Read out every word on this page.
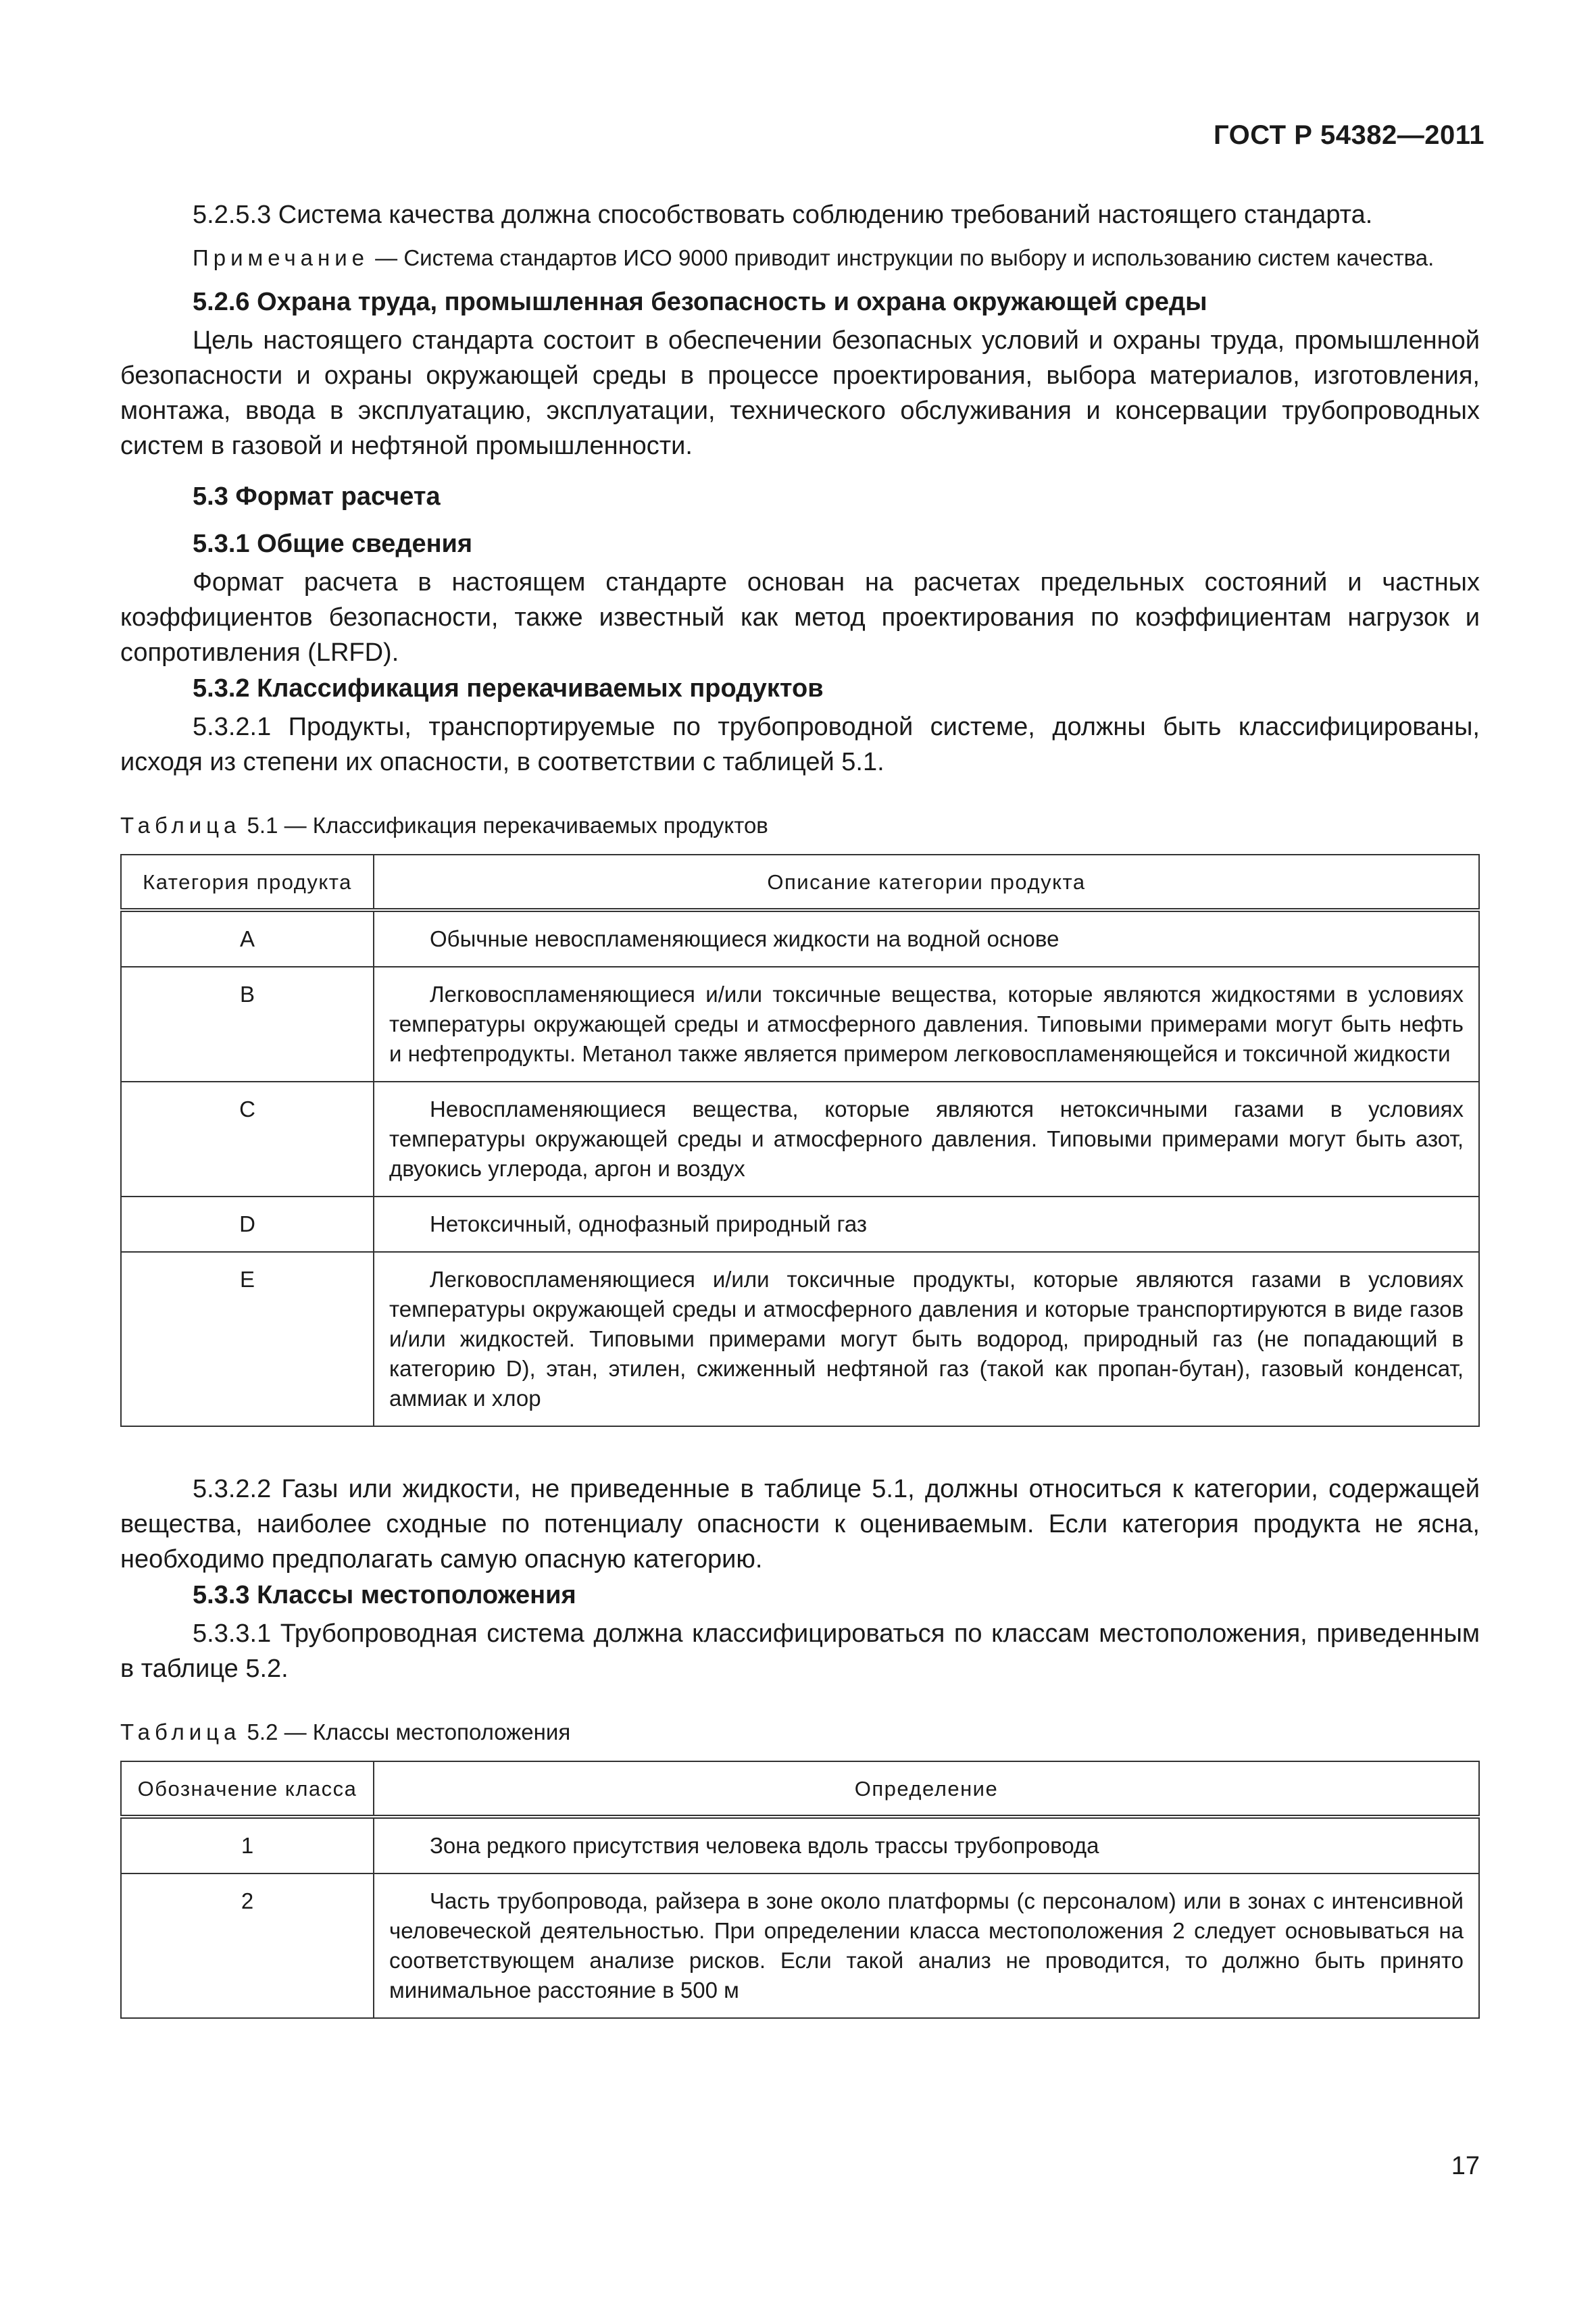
ГОСТ Р 54382—2011

5.2.5.3 Система качества должна способствовать соблюдению требований настоящего стандарта.

Примечание — Система стандартов ИСО 9000 приводит инструкции по выбору и использованию систем качества.

5.2.6 Охрана труда, промышленная безопасность и охрана окружающей среды

Цель настоящего стандарта состоит в обеспечении безопасных условий и охраны труда, промышленной безопасности и охраны окружающей среды в процессе проектирования, выбора материалов, изготовления, монтажа, ввода в эксплуатацию, эксплуатации, технического обслуживания и консервации трубопроводных систем в газовой и нефтяной промышленности.

5.3 Формат расчета

5.3.1 Общие сведения

Формат расчета в настоящем стандарте основан на расчетах предельных состояний и частных коэффициентов безопасности, также известный как метод проектирования по коэффициентам нагрузок и сопротивления (LRFD).

5.3.2 Классификация перекачиваемых продуктов

5.3.2.1 Продукты, транспортируемые по трубопроводной системе, должны быть классифицированы, исходя из степени их опасности, в соответствии с таблицей 5.1.

Таблица 5.1 — Классификация перекачиваемых продуктов
Категория продукта	Описание категории продукта
A	Обычные невоспламеняющиеся жидкости на водной основе
B	Легковоспламеняющиеся и/или токсичные вещества, которые являются жидкостями в условиях температуры окружающей среды и атмосферного давления. Типовыми примерами могут быть нефть и нефтепродукты. Метанол также является примером легковоспламеняющейся и токсичной жидкости
C	Невоспламеняющиеся вещества, которые являются нетоксичными газами в условиях температуры окружающей среды и атмосферного давления. Типовыми примерами могут быть азот, двуокись углерода, аргон и воздух
D	Нетоксичный, однофазный природный газ
E	Легковоспламеняющиеся и/или токсичные продукты, которые являются газами в условиях температуры окружающей среды и атмосферного давления и которые транспортируются в виде газов и/или жидкостей. Типовыми примерами могут быть водород, природный газ (не попадающий в категорию D), этан, этилен, сжиженный нефтяной газ (такой как пропан-бутан), газовый конденсат, аммиак и хлор

5.3.2.2 Газы или жидкости, не приведенные в таблице 5.1, должны относиться к категории, содержащей вещества, наиболее сходные по потенциалу опасности к оцениваемым. Если категория продукта не ясна, необходимо предполагать самую опасную категорию.

5.3.3 Классы местоположения

5.3.3.1 Трубопроводная система должна классифицироваться по классам местоположения, приведенным в таблице 5.2.

Таблица 5.2 — Классы местоположения
Обозначение класса	Определение
1	Зона редкого присутствия человека вдоль трассы трубопровода
2	Часть трубопровода, райзера в зоне около платформы (с персоналом) или в зонах с интенсивной человеческой деятельностью. При определении класса местоположения 2 следует основываться на соответствующем анализе рисков. Если такой анализ не проводится, то должно быть принято минимальное расстояние в 500 м
17
